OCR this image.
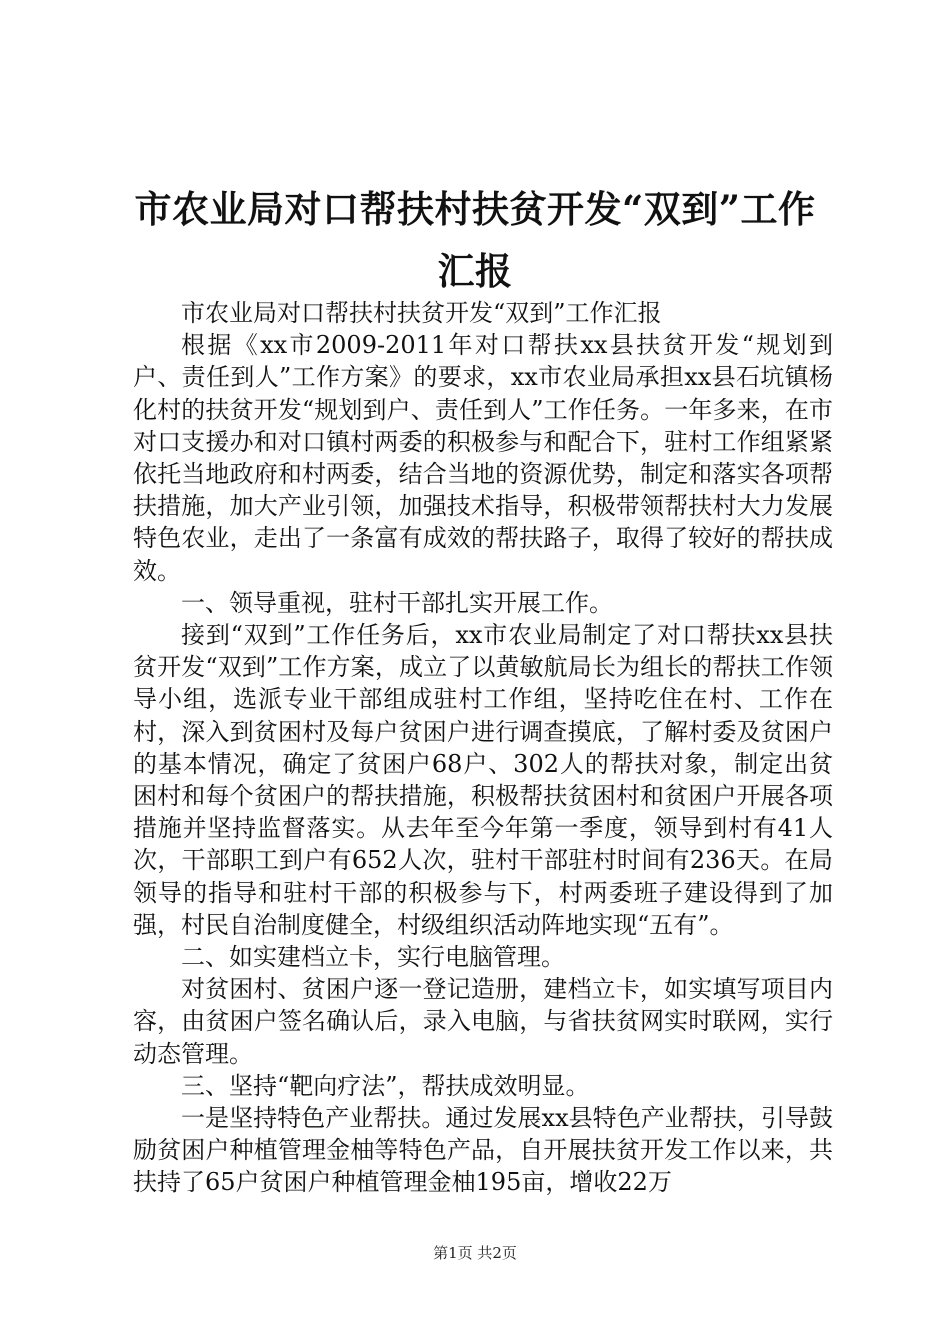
市农业局对口帮扶村扶贫开发“双到”工作汇报

市农业局对口帮扶村扶贫开发“双到”工作汇报

根据《xx市2009-2011年对口帮扶xx县扶贫开发“规划到户、责任到人”工作方案》的要求，xx市农业局承担xx县石坑镇杨化村的扶贫开发“规划到户、责任到人”工作任务。一年多来，在市对口支援办和对口镇村两委的积极参与和配合下，驻村工作组紧紧依托当地政府和村两委，结合当地的资源优势，制定和落实各项帮扶措施，加大产业引领，加强技术指导，积极带领帮扶村大力发展特色农业，走出了一条富有成效的帮扶路子，取得了较好的帮扶成效。

一、领导重视，驻村干部扎实开展工作。

接到“双到”工作任务后，xx市农业局制定了对口帮扶xx县扶贫开发“双到”工作方案，成立了以黄敏航局长为组长的帮扶工作领导小组，选派专业干部组成驻村工作组，坚持吃住在村、工作在村，深入到贫困村及每户贫困户进行调查摸底，了解村委及贫困户的基本情况，确定了贫困户68户、302人的帮扶对象，制定出贫困村和每个贫困户的帮扶措施，积极帮扶贫困村和贫困户开展各项措施并坚持监督落实。从去年至今年第一季度，领导到村有41人次，干部职工到户有652人次，驻村干部驻村时间有236天。在局领导的指导和驻村干部的积极参与下，村两委班子建设得到了加强，村民自治制度健全，村级组织活动阵地实现“五有”。

二、如实建档立卡，实行电脑管理。

对贫困村、贫困户逐一登记造册，建档立卡，如实填写项目内容，由贫困户签名确认后，录入电脑，与省扶贫网实时联网，实行动态管理。

三、坚持“靶向疗法”，帮扶成效明显。

一是坚持特色产业帮扶。通过发展xx县特色产业帮扶，引导鼓励贫困户种植管理金柚等特色产品，自开展扶贫开发工作以来，共扶持了65户贫困户种植管理金柚195亩，增收22万

第1页 共2页
